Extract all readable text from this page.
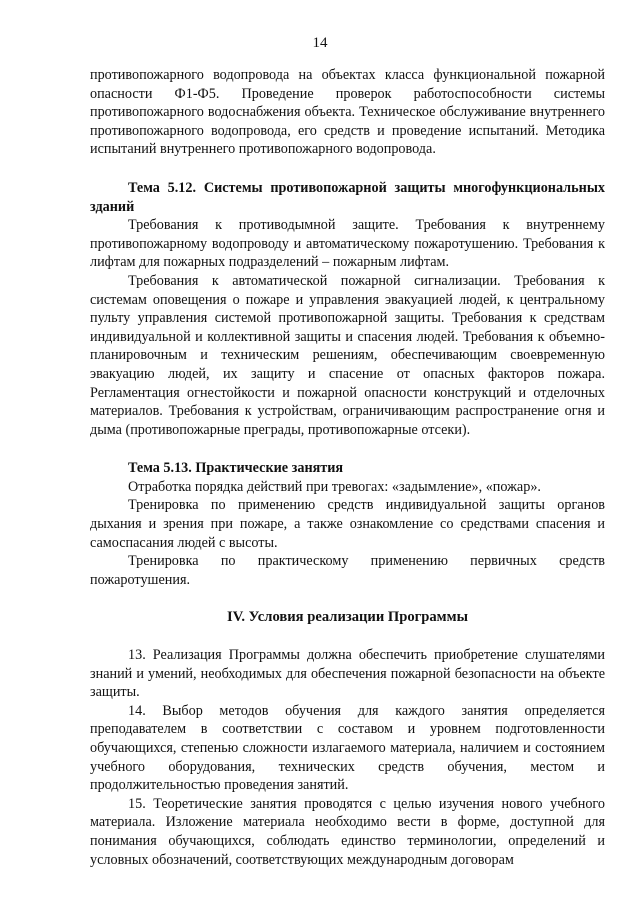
14

противопожарного водопровода на объектах класса функциональной пожарной опасности Ф1-Ф5. Проведение проверок работоспособности системы противопожарного водоснабжения объекта. Техническое обслуживание внутреннего противопожарного водопровода, его средств и проведение испытаний. Методика испытаний внутреннего противопожарного водопровода.

Тема 5.12. Системы противопожарной защиты многофункциональных зданий

Требования к противодымной защите. Требования к внутреннему противопожарному водопроводу и автоматическому пожаротушению. Требования к лифтам для пожарных подразделений – пожарным лифтам.

Требования к автоматической пожарной сигнализации. Требования к системам оповещения о пожаре и управления эвакуацией людей, к центральному пульту управления системой противопожарной защиты. Требования к средствам индивидуальной и коллективной защиты и спасения людей. Требования к объемно-планировочным и техническим решениям, обеспечивающим своевременную эвакуацию людей, их защиту и спасение от опасных факторов пожара. Регламентация огнестойкости и пожарной опасности конструкций и отделочных материалов. Требования к устройствам, ограничивающим распространение огня и дыма (противопожарные преграды, противопожарные отсеки).

Тема 5.13. Практические занятия

Отработка порядка действий при тревогах: «задымление», «пожар».

Тренировка по применению средств индивидуальной защиты органов дыхания и зрения при пожаре, а также ознакомление со средствами спасения и самоспасания людей с высоты.

Тренировка по практическому применению первичных средств пожаротушения.

IV. Условия реализации Программы

13. Реализация Программы должна обеспечить приобретение слушателями знаний и умений, необходимых для обеспечения пожарной безопасности на объекте защиты.

14. Выбор методов обучения для каждого занятия определяется преподавателем в соответствии с составом и уровнем подготовленности обучающихся, степенью сложности излагаемого материала, наличием и состоянием учебного оборудования, технических средств обучения, местом и продолжительностью проведения занятий.

15. Теоретические занятия проводятся с целью изучения нового учебного материала. Изложение материала необходимо вести в форме, доступной для понимания обучающихся, соблюдать единство терминологии, определений и условных обозначений, соответствующих международным договорам
